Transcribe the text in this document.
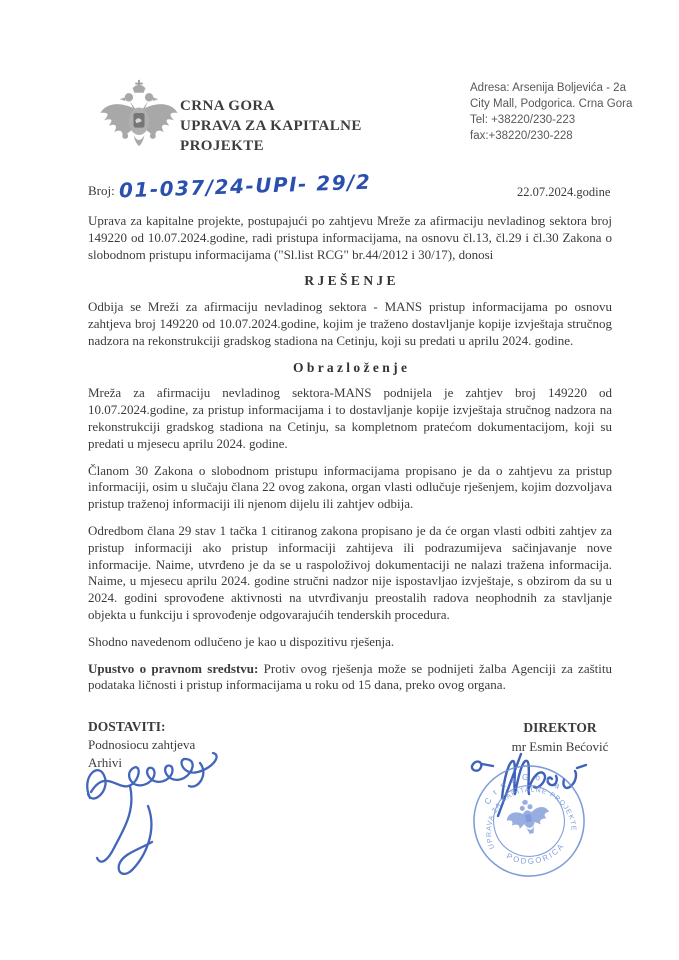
CRNA GORA
UPRAVA ZA KAPITALNE
PROJEKTE
Adresa: Arsenija Boljevića - 2a
City Mall, Podgorica. Crna Gora
Tel: +38220/230-223
fax:+38220/230-228
Broj: 01-037/24-UPI- 29/2	22.07.2024.godine

Uprava za kapitalne projekte, postupajući po zahtjevu Mreže za afirmaciju nevladinog sektora broj 149220 od 10.07.2024.godine, radi pristupa informacijama, na osnovu čl.13, čl.29 i čl.30 Zakona o slobodnom pristupu informacijama ("Sl.list RCG" br.44/2012 i 30/17), donosi

R J E Š E N J E

Odbija se Mreži za afirmaciju nevladinog sektora - MANS pristup informacijama po osnovu zahtjeva broj 149220 od 10.07.2024.godine, kojim je traženo dostavljanje kopije izvještaja stručnog nadzora na rekonstrukciji gradskog stadiona na Cetinju, koji su predati u aprilu 2024. godine.

O b r a z l o ž e n j e

Mreža za afirmaciju nevladinog sektora-MANS podnijela je zahtjev broj 149220 od 10.07.2024.godine, za pristup informacijama i to dostavljanje kopije izvještaja stručnog nadzora na rekonstrukciji gradskog stadiona na Cetinju, sa kompletnom pratećom dokumentacijom, koji su predati u mjesecu aprilu 2024. godine.

Članom 30 Zakona o slobodnom pristupu informacijama propisano je da o zahtjevu za pristup informaciji, osim u slučaju člana 22 ovog zakona, organ vlasti odlučuje rješenjem, kojim dozvoljava pristup traženoj informaciji ili njenom dijelu ili zahtjev odbija.

Odredbom člana 29 stav 1 tačka 1 citiranog zakona propisano je da će organ vlasti odbiti zahtjev za pristup informaciji ako pristup informaciji zahtijeva ili podrazumijeva sačinjavanje nove informacije. Naime, utvrđeno je da se u raspoloživoj dokumentaciji ne nalazi tražena informacija. Naime, u mjesecu aprilu 2024. godine stručni nadzor nije ispostavljao izvještaje, s obzirom da su u 2024. godini sprovođene aktivnosti na utvrđivanju preostalih radova neophodnih za stavljanje objekta u funkciju i sprovođenje odgovarajućih tenderskih procedura.

Shodno navedenom odlučeno je kao u dispozitivu rješenja.

Upustvo o pravnom sredstvu: Protiv ovog rješenja može se podnijeti žalba Agenciji za zaštitu podataka ličnosti i pristup informacijama u roku od 15 dana, preko ovog organa.

DOSTAVITI:
Podnosiocu zahtjeva
Arhivi
DIREKTOR
mr Esmin Bećović
C r n a G o r a
UPRAVA ZA KAPITALNE PROJEKTE
PODGORICA
